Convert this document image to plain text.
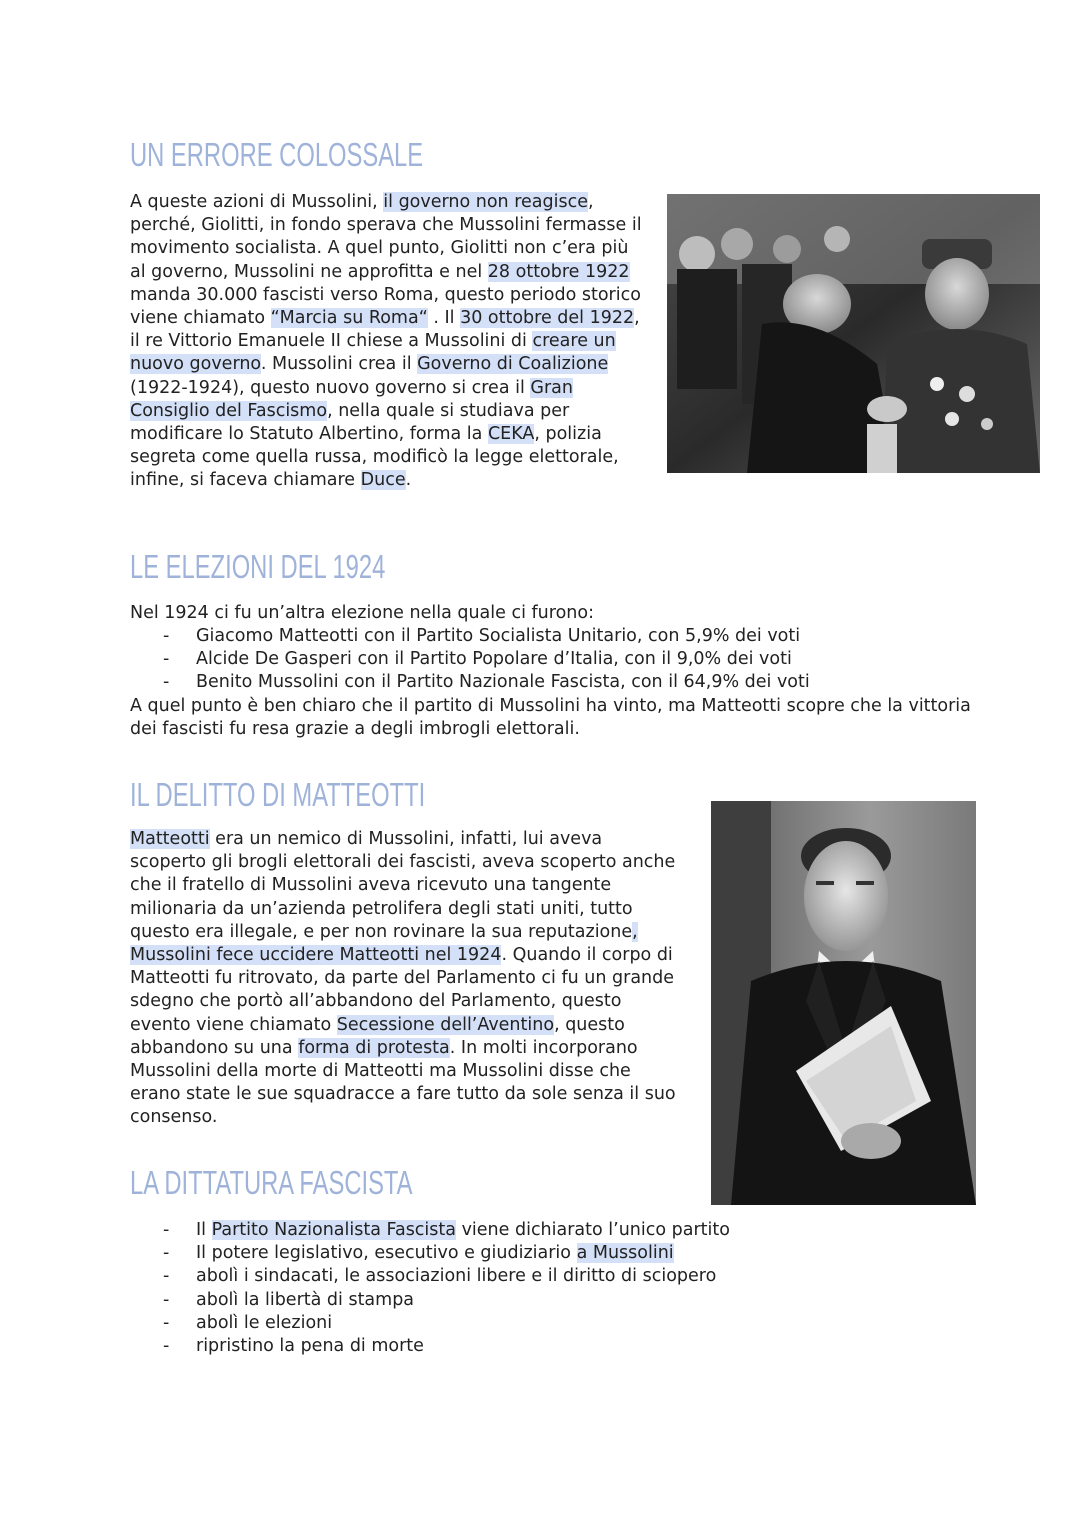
UN ERRORE COLOSSALE

A queste azioni di Mussolini, il governo non reagisce, perché, Giolitti, in fondo sperava che Mussolini fermasse il movimento socialista. A quel punto, Giolitti non c’era più al governo, Mussolini ne approfitta e nel 28 ottobre 1922 manda 30.000 fascisti verso Roma, questo periodo storico viene chiamato “Marcia su Roma“ . Il 30 ottobre del 1922, il re Vittorio Emanuele II chiese a Mussolini di creare un nuovo governo. Mussolini crea il Governo di Coalizione (1922-1924), questo nuovo governo si crea il Gran Consiglio del Fascismo, nella quale si studiava per modificare lo Statuto Albertino, forma la CEKA, polizia segreta come quella russa, modificò la legge elettorale, infine, si faceva chiamare Duce.

LE ELEZIONI DEL 1924

Nel 1924 ci fu un’altra elezione nella quale ci furono:

- Giacomo Matteotti con il Partito Socialista Unitario, con 5,9% dei voti
- Alcide De Gasperi con il Partito Popolare d’Italia, con il 9,0% dei voti
- Benito Mussolini con il Partito Nazionale Fascista, con il 64,9% dei voti

A quel punto è ben chiaro che il partito di Mussolini ha vinto, ma Matteotti scopre che la vittoria dei fascisti fu resa grazie a degli imbrogli elettorali.

IL DELITTO DI MATTEOTTI

Matteotti era un nemico di Mussolini, infatti, lui aveva scoperto gli brogli elettorali dei fascisti, aveva scoperto anche che il fratello di Mussolini aveva ricevuto una tangente milionaria da un’azienda petrolifera degli stati uniti, tutto questo era illegale, e per non rovinare la sua reputazione, Mussolini fece uccidere Matteotti nel 1924. Quando il corpo di Matteotti fu ritrovato, da parte del Parlamento ci fu un grande sdegno che portò all’abbandono del Parlamento, questo evento viene chiamato Secessione dell’Aventino, questo abbandono su una forma di protesta. In molti incorporano Mussolini della morte di Matteotti ma Mussolini disse che erano state le sue squadracce a fare tutto da sole senza il suo consenso.

LA DITTATURA FASCISTA
- Il Partito Nazionalista Fascista viene dichiarato l’unico partito
- Il potere legislativo, esecutivo e giudiziario a Mussolini
- abolì i sindacati, le associazioni libere e il diritto di sciopero
- abolì la libertà di stampa
- abolì le elezioni
- ripristino la pena di morte
